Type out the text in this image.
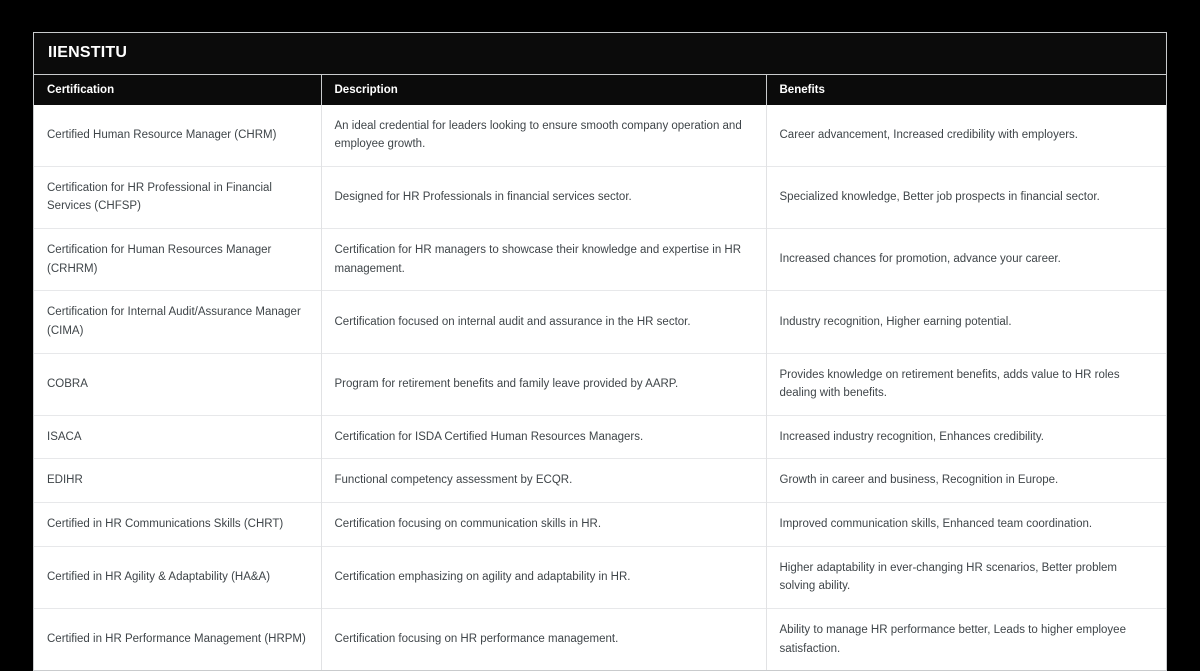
IIENSTITU
Certification	Description	Benefits
Certified Human Resource Manager (CHRM)	An ideal credential for leaders looking to ensure smooth company operation and employee growth.	Career advancement, Increased credibility with employers.
Certification for HR Professional in Financial Services (CHFSP)	Designed for HR Professionals in financial services sector.	Specialized knowledge, Better job prospects in financial sector.
Certification for Human Resources Manager (CRHRM)	Certification for HR managers to showcase their knowledge and expertise in HR management.	Increased chances for promotion, advance your career.
Certification for Internal Audit/Assurance Manager (CIMA)	Certification focused on internal audit and assurance in the HR sector.	Industry recognition, Higher earning potential.
COBRA	Program for retirement benefits and family leave provided by AARP.	Provides knowledge on retirement benefits, adds value to HR roles dealing with benefits.
ISACA	Certification for ISDA Certified Human Resources Managers.	Increased industry recognition, Enhances credibility.
EDIHR	Functional competency assessment by ECQR.	Growth in career and business, Recognition in Europe.
Certified in HR Communications Skills (CHRT)	Certification focusing on communication skills in HR.	Improved communication skills, Enhanced team coordination.
Certified in HR Agility & Adaptability (HA&A)	Certification emphasizing on agility and adaptability in HR.	Higher adaptability in ever-changing HR scenarios, Better problem solving ability.
Certified in HR Performance Management (HRPM)	Certification focusing on HR performance management.	Ability to manage HR performance better, Leads to higher employee satisfaction.
